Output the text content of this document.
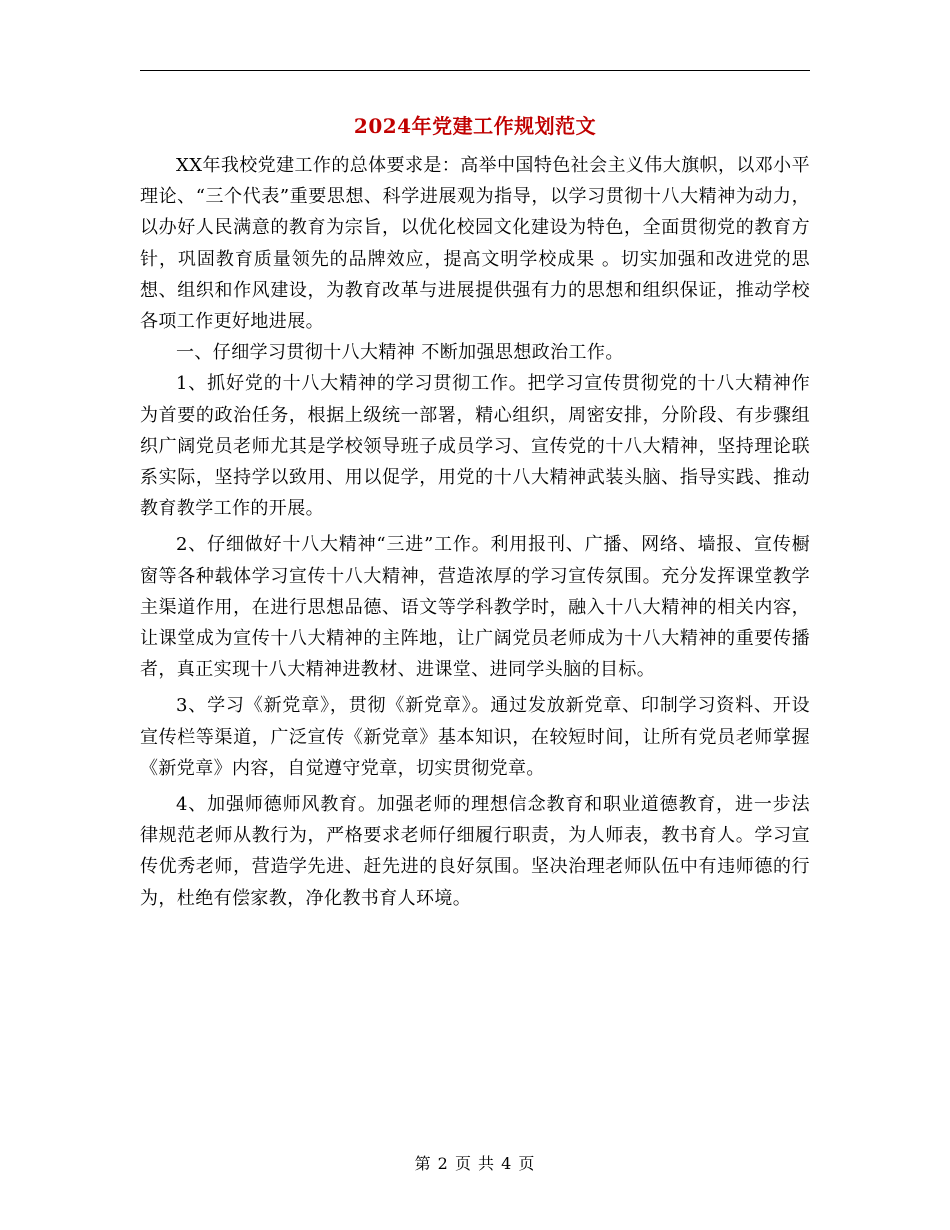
2024年党建工作规划范文

XX年我校党建工作的总体要求是：高举中国特色社会主义伟大旗帜，以邓小平理论、“三个代表”重要思想、科学进展观为指导，以学习贯彻十八大精神为动力，以办好人民满意的教育为宗旨，以优化校园文化建设为特色，全面贯彻党的教育方针，巩固教育质量领先的品牌效应，提高文明学校成果 。切实加强和改进党的思想、组织和作风建设，为教育改革与进展提供强有力的思想和组织保证，推动学校各项工作更好地进展。

一、仔细学习贯彻十八大精神 不断加强思想政治工作。

1、抓好党的十八大精神的学习贯彻工作。把学习宣传贯彻党的十八大精神作为首要的政治任务，根据上级统一部署，精心组织，周密安排，分阶段、有步骤组织广阔党员老师尤其是学校领导班子成员学习、宣传党的十八大精神，坚持理论联系实际，坚持学以致用、用以促学，用党的十八大精神武装头脑、指导实践、推动教育教学工作的开展。

2、仔细做好十八大精神“三进”工作。利用报刊、广播、网络、墙报、宣传橱窗等各种载体学习宣传十八大精神，营造浓厚的学习宣传氛围。充分发挥课堂教学主渠道作用，在进行思想品德、语文等学科教学时，融入十八大精神的相关内容，让课堂成为宣传十八大精神的主阵地，让广阔党员老师成为十八大精神的重要传播者，真正实现十八大精神进教材、进课堂、进同学头脑的目标。

3、学习《新党章》，贯彻《新党章》。通过发放新党章、印制学习资料、开设宣传栏等渠道，广泛宣传《新党章》基本知识，在较短时间，让所有党员老师掌握《新党章》内容，自觉遵守党章，切实贯彻党章。

4、加强师德师风教育。加强老师的理想信念教育和职业道德教育，进一步法律规范老师从教行为，严格要求老师仔细履行职责，为人师表，教书育人。学习宣传优秀老师，营造学先进、赶先进的良好氛围。坚决治理老师队伍中有违师德的行为，杜绝有偿家教，净化教书育人环境。

第 2 页 共 4 页
